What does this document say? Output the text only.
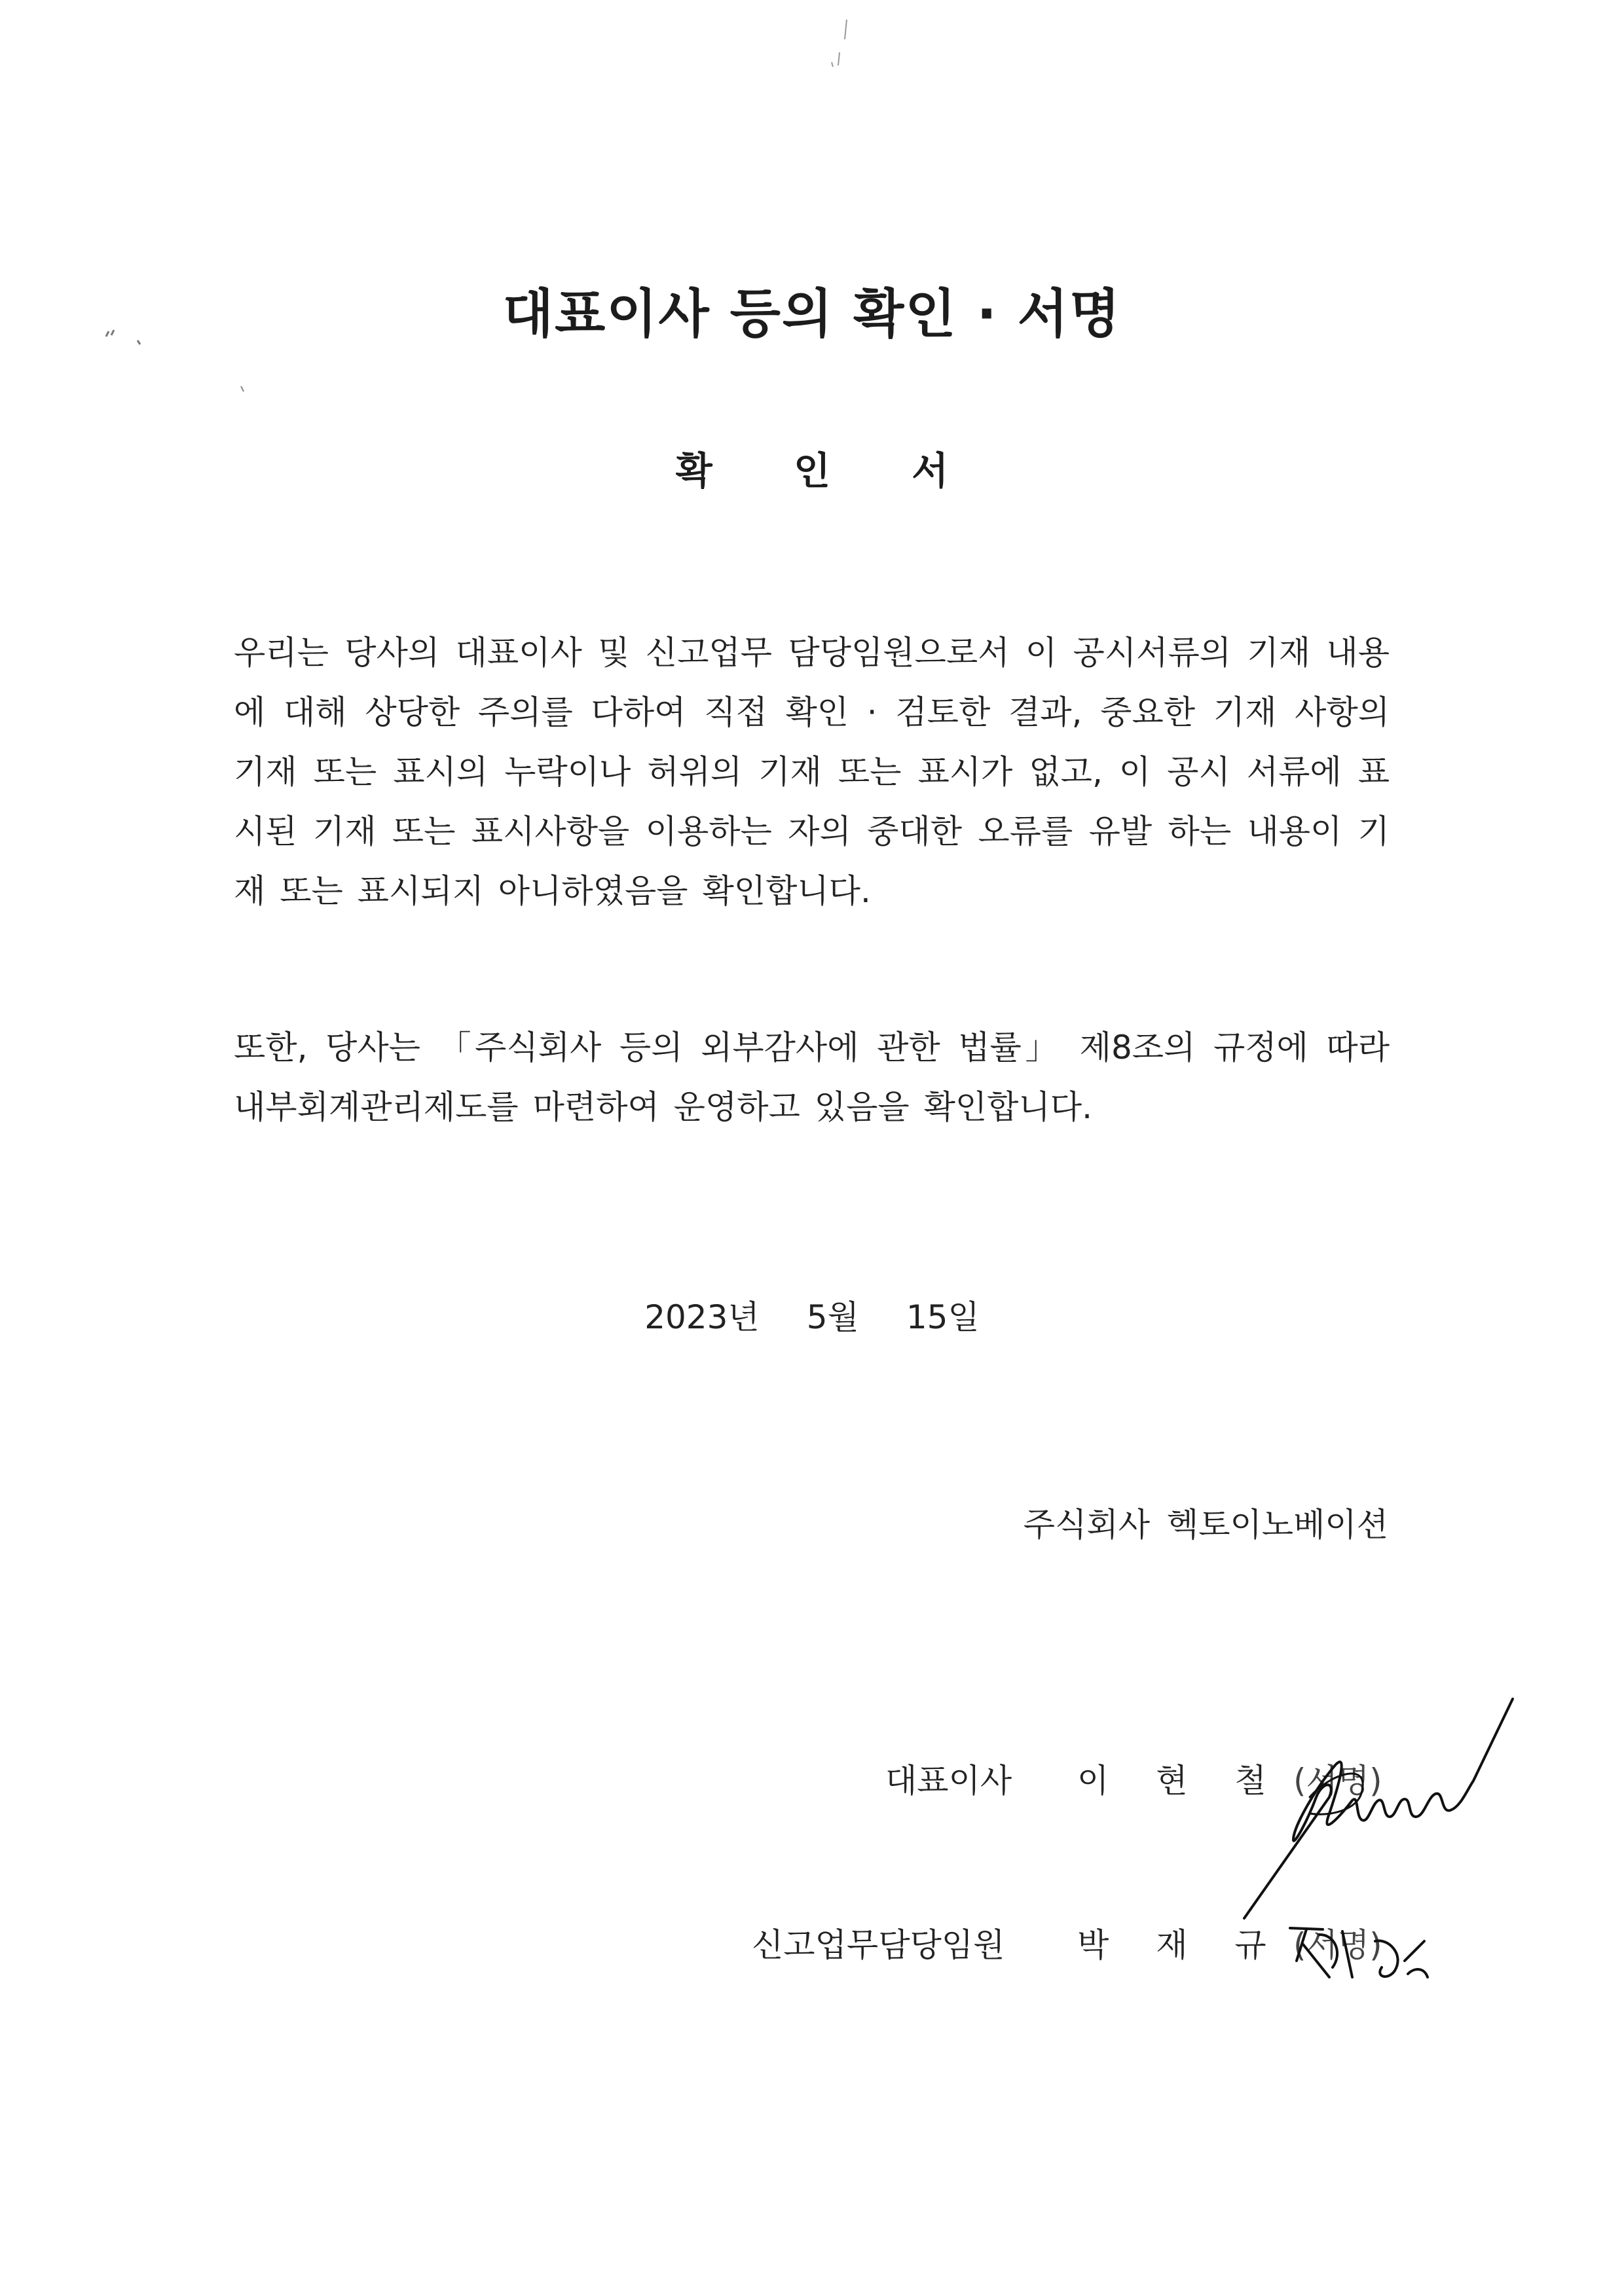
대표이사 등의 확인 · 서명
확 인 서
우리는 당사의 대표이사 및 신고업무 담당임원으로서 이 공시서류의 기재 내용에 대해 상당한 주의를 다하여 직접 확인 · 검토한 결과, 중요한 기재 사항의 기재 또는 표시의 누락이나 허위의 기재 또는 표시가 없고, 이 공시 서류에 표시된 기재 또는 표시사항을 이용하는 자의 중대한 오류를 유발 하는 내용이 기재 또는 표시되지 아니하였음을 확인합니다.
또한, 당사는 「주식회사 등의 외부감사에 관한 법률」 제8조의 규정에 따라 내부회계관리제도를 마련하여 운영하고 있음을 확인합니다.
2023년 5월 15일
주식회사 헥토이노베이션
대표이사 이 현 철 (서명)
신고업무담당임원 박 재 규 (서명)
